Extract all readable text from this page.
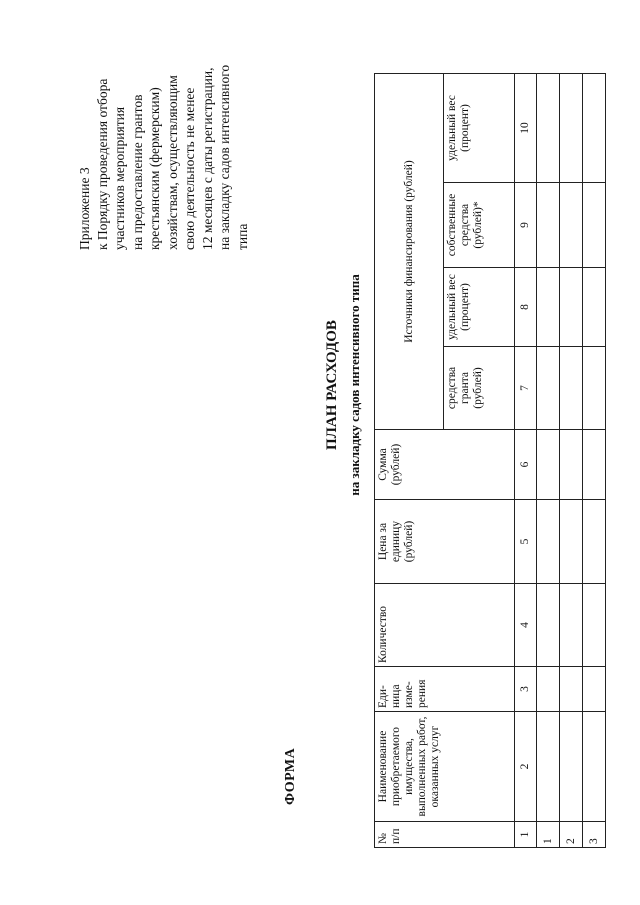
Приложение 3 к Порядку проведения отбора участников мероприятия на предоставление грантов крестьянским (фермерским) хозяйствам, осуществляющим свою деятельность не менее 12 месяцев с даты регистрации, на закладку садов интенсивного типа
ФОРМА
ПЛАН РАСХОДОВ на закладку садов интенсивного типа
№ п/п	Наименование приобретаемого имущества, выполненных работ, оказанных услуг	Еди-ница изме-рения	Количество	Цена за единицу (рублей)	Сумма (рублей)	Источники финансирования (рублей)			
						средства гранта (рублей)	удельный вес (процент)	собственные средства (рублей)*	удельный вес (процент)
1	2	3	4	5	6	7	8	9	10
1									
2									
3									
